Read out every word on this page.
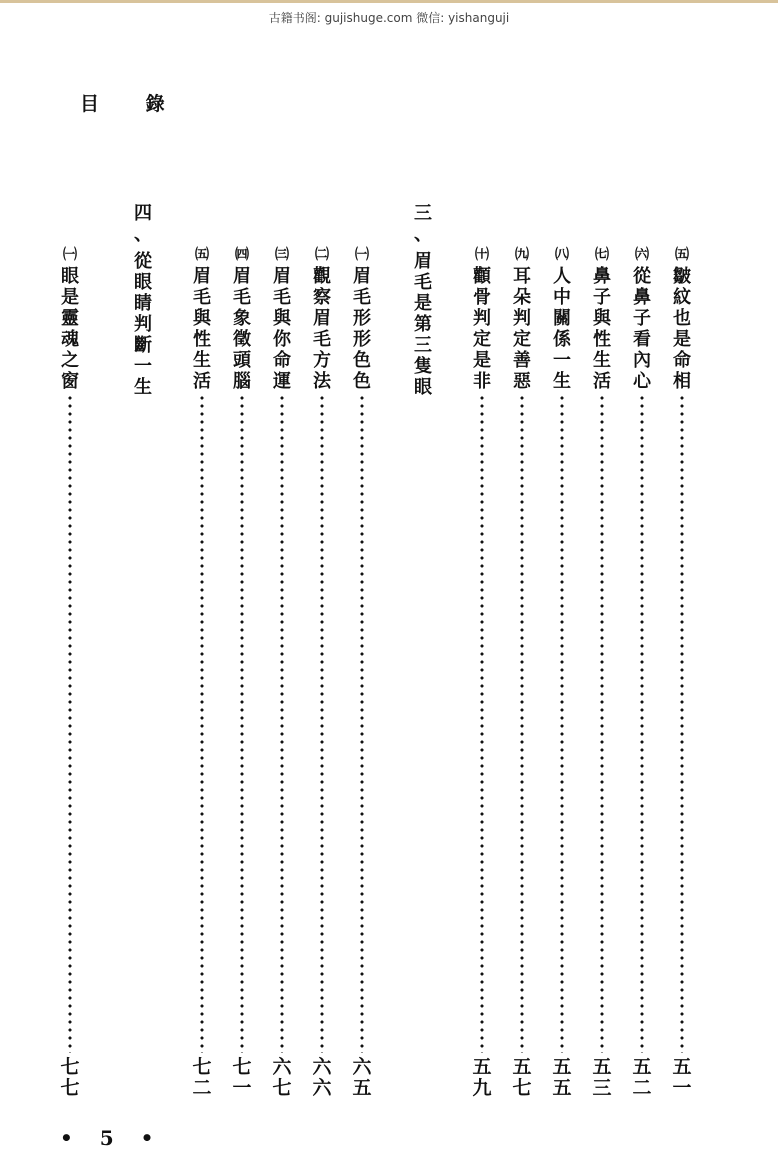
古籍书阁: gujishuge.com 微信: yishanguji
目 錄
㈤
皺
紋
也
是
命
相
五
一
㈥
從
鼻
子
看
內
心
五
二
㈦
鼻
子
與
性
生
活
五
三
㈧
人
中
關
係
一
生
五
五
㈨
耳
朵
判
定
善
惡
五
七
㈩
顴
骨
判
定
是
非
五
九
三
、
眉
毛
是
第
三
隻
眼
㈠
眉
毛
形
形
色
色
六
五
㈡
觀
察
眉
毛
方
法
六
六
㈢
眉
毛
與
你
命
運
六
七
㈣
眉
毛
象
徵
頭
腦
七
一
㈤
眉
毛
與
性
生
活
七
二
四
、
從
眼
睛
判
斷
一
生
㈠
眼
是
靈
魂
之
窗
七
七
• 5 •
